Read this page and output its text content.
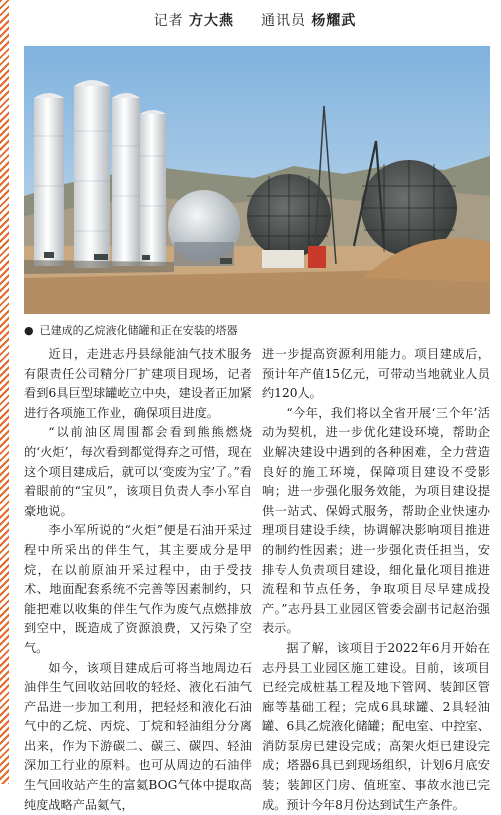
记者 方大燕 通讯员 杨耀武
● 已建成的乙烷液化储罐和正在安装的塔器

近日，走进志丹县绿能油气技术服务有限责任公司精分厂扩建项目现场，记者看到6具巨型球罐屹立中央，建设者正加紧进行各项施工作业，确保项目进度。

“以前油区周围都会看到熊熊燃烧的‘火炬’，每次看到都觉得弃之可惜，现在这个项目建成后，就可以‘变废为宝’了。”看着眼前的“宝贝”，该项目负责人李小军自豪地说。

李小军所说的“火炬”便是石油开采过程中所采出的伴生气，其主要成分是甲烷，在以前原油开采过程中，由于受技术、地面配套系统不完善等因素制约，只能把难以收集的伴生气作为废气点燃排放到空中，既造成了资源浪费，又污染了空气。

如今，该项目建成后可将当地周边石油伴生气回收站回收的轻烃、液化石油气产品进一步加工利用，把轻烃和液化石油气中的乙烷、丙烷、丁烷和轻油组分分离出来，作为下游碳二、碳三、碳四、轻油深加工行业的原料。也可从周边的石油伴生气回收站产生的富氦BOG气体中提取高纯度战略产品氦气，

进一步提高资源利用能力。项目建成后，预计年产值15亿元，可带动当地就业人员约120人。

“今年，我们将以全省开展‘三个年’活动为契机，进一步优化建设环境，帮助企业解决建设中遇到的各种困难，全力营造良好的施工环境，保障项目建设不受影响；进一步强化服务效能，为项目建设提供一站式、保姆式服务，帮助企业快速办理项目建设手续，协调解决影响项目推进的制约性因素；进一步强化责任担当，安排专人负责项目建设，细化量化项目推进流程和节点任务，争取项目尽早建成投产。”志丹县工业园区管委会副书记赵治强表示。

据了解，该项目于2022年6月开始在志丹县工业园区施工建设。目前，该项目已经完成桩基工程及地下管网、装卸区管廊等基础工程；完成6具球罐、2具轻油罐、6具乙烷液化储罐；配电室、中控室、消防泵房已建设完成；高架火炬已建设完成；塔器6具已到现场组织，计划6月底安装；装卸区门房、值班室、事故水池已完成。预计今年8月份达到试生产条件。
